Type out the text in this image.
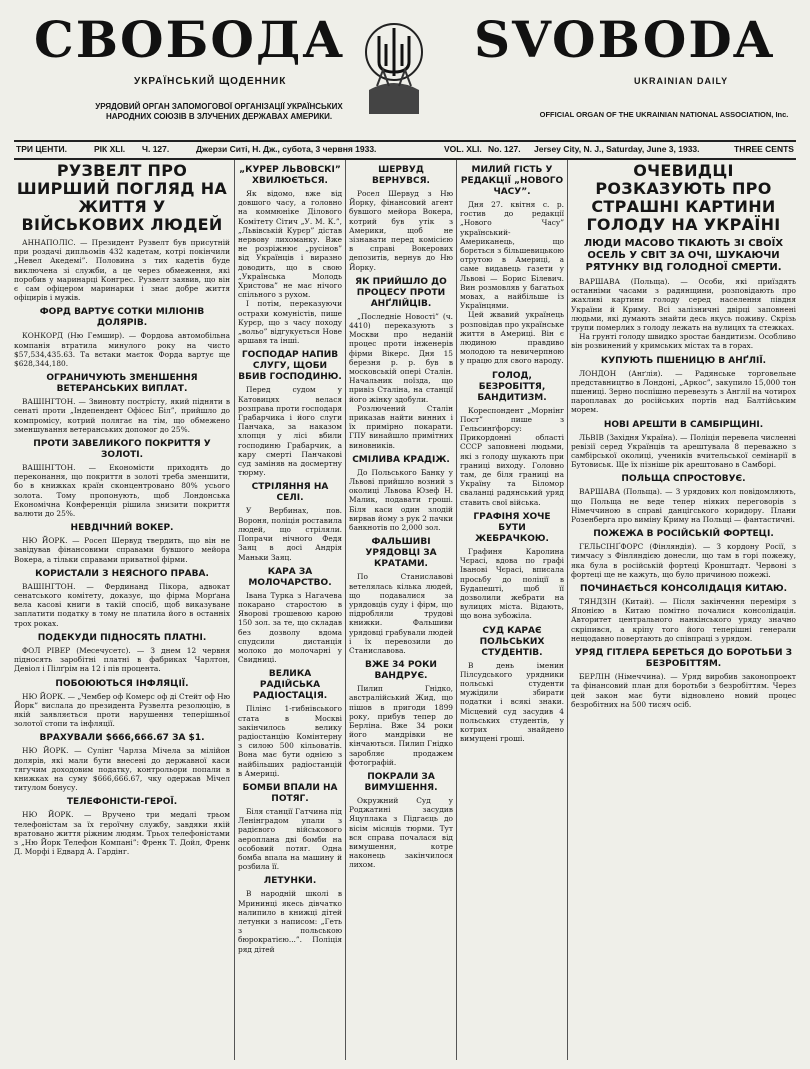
СВОБОДА	SVOBODA
УКРАЇНСЬКИЙ ЩОДЕННИК	UKRAINIAN DAILY
УРЯДОВИЙ ОРГАН ЗАПОМОГОВОЇ ОРГАНІЗАЦІЇ УКРАЇНСЬКИХ НАРОДНИХ СОЮЗІВ В ЗЛУЧЕНИХ ДЕРЖАВАХ АМЕРИКИ.	OFFICIAL ORGAN OF THE UKRAINIAN NATIONAL ASSOCIATION, Inc.
ТРИ ЦЕНТИ.	РІК XLI. Ч. 127.	Джерзи Ситі, Н. Дж., субота, 3 червня 1933.	VOL. XLI. No. 127. Jersey City, N. J., Saturday, June 3, 1933.	THREE CENTS
РУЗВЕЛТ ПРО ШИРШИЙ ПОГЛЯД НА ЖИТТЯ У ВІЙСЬКОВИХ ЛЮДЕЙ

АННАПОЛІС. — Президент Рузвелт був присутній при роздачі дипльомів 432 кадетам, котрі покінчили „Невел Акедемі”. Половина з тих кадетів буде виключена зі служби, а це через обмеження, які поробив у маринарці Конгрес. Рузвелт заявив, що він є сам офіцером маринарки і знає добре життя офіцирів і мужів.

ФОРД ВАРТУЄ СОТКИ МІЛІОНІВ ДОЛЯРІВ.

КОНКОРД (Ню Гемшир). — Фордова автомобільна компанія втратила минулого року на чисто $57,534,435.63. Та вєтаки маєток Форда вартує ще $628,344,180.

ОГРАНИЧУЮТЬ ЗМЕНШЕННЯ ВЕТЕРАНСЬКИХ ВИПЛАТ.

ВАШІНГТОН. — Звиновту пострісту, який підняти в сенаті проти „Індепендент Офісес Біл”, прийшло до компромісу, котрий полягає на тім, що обмежено зменшування ветеранських допомог до 25%.

ПРОТИ ЗАВЕЛИКОГО ПОКРИТТЯ У ЗОЛОТІ.

ВАШІНГТОН. — Економісти приходять до переконання, що покриття в золоті треба зменшити, бо в книжках країн сконцентровано 80% усього золота. Тому пропонують, щоб Лондонська Економічна Конференція рішила знизити покриття валюти до 25%.

НЕВДІЧНИЙ ВОКЕР.

НЮ ЙОРК. — Росел Шервуд твердить, що він не завідував фінансовими справами бувшого мейора Вокера, а тільки справами приватної фірми.

КОРИСТАЛИ З НЕЯСНОГО ПРАВА.

ВАШІНГТОН. — Фердинанд Пікора, адвокат сенатського комітету, доказує, що фірма Морґана вела касові книги в такій спосіб, щоб виказуване заплатити податку в тому не платила його в останніх трох роках.

ПОДЕКУДИ ПІДНОСЯТЬ ПЛАТНІ.

ФОЛ РІВЕР (Месечусетс). — З днем 12 червня підносять заробітні платні в фабриках Чарлтон, Девіол і Пілґрім на 12 і пів процента.

ПОБОЮЮТЬСЯ ІНФЛЯЦІЇ.

НЮ ЙОРК. — „Чембер оф Комерс оф ді Стейт оф Ню Йорк” вислала до президента Рузвелта резолюцію, в якій заявляється проти нарушення теперішньої золотої стопи та інфляції.

ВРАХУВАЛИ $666,666.67 ЗА $1.

НЮ ЙОРК. — Сулінг Чарлза Мічела за мілійон долярів, які мали бути внесені до державної каси тягучим доходовим податку, контрольори попали в книжках на суму $666,666.67, чку одержав Мічел титулом бонусу.

ТЕЛЕФОНІСТИ-ГЕРОЇ.

НЮ ЙОРК. — Вручено три медалі трьом телефоністам за їх героїчну службу, завдяки якій вратовано життя ріжним людям. Трьох телефоністами з „Ню Йорк Телефон Компані”: Френк Т. Дойл, Френк Д. Морфі і Едвард А. Гардінг.

„КУРЕР ЛЬВОВСКІ” ХВИЛЮЄТЬСЯ.

Як відомо, вже від довшого часу, а головно на коммюніке Ділового Комітету Сітич „У. М. К.”, „Львівській Курєр” дістав нервову лихоманку. Вже не розріжнює „русінов” від Українців і виразно доводить, що в свою „Українська Молодь Христова” не має нічого спільного з рухом.

І потім, переказуючи острахи комуністів, пише Курєр, що з часу походу „вольо” відгукується Нове аршавя та інші.

ГОСПОДАР НАПИВ СЛУГУ, ЩОБИ ВБИВ ГОСПОДИНЮ.

Перед судом у Катовицях велася розправа проти господаря Грабарчика і його слуги Панчака, за наказом хлопця у лісі вбили господиню Грабарчик, а кару смерті Панчакові суд заміняв на досмертну тюрму.

СТРІЛЯННЯ НА СЕЛІ.

У Вербинах, пов. Вороня, поліція роставила людей, що стріляли. Попрачи нічного Федя Заяц в досі Андрія Маньки Заяц.

КАРА ЗА МОЛОЧАРСТВО.

Івана Турка з Нагачева покарано старостою в Яворові грошевою карою 150 зол. за те, що складав без дозволу вдома спудсили дистанція молоко до молочарні у Свидниці.

ВЕЛИКА РАДІЙСЬКА РАДІОСТАЦІЯ.

Пілінс 1-гибнівського стата в Москві закінчилось велику радіостанцію Комінтерну з силою 500 кільоватів. Вона має бути однією з найбільших радіостанцій в Америці.

БОМБИ ВПАЛИ НА ПОТЯГ.

Біля станції Гатчина під Ленінградом упали з радієвого військового аероплана дві бомби на особовий потяг. Одна бомба впала на машину й розбила її.

ЛЕТУНКИ.

В народній школі в Мрининці якесь дівчатко налипило в книжці дітей летунки з написом: „Геть з польською бюрократією...”. Поліція ряд дітей

ШЕРВУД ВЕРНУВСЯ.

Росел Шервуд з Ню Йорку, фінансовий агент бувшого мейора Вокера, котрий був утік з Америки, щоб не зізнавати перед комісією в справі Вокерових депозитів, вернув до Ню Йорку.

ЯК ПРИЙШЛО ДО ПРОЦЕСУ ПРОТИ АНҐЛІЙЦІВ.

„Последніе Новості” (ч. 4410) переказують з Москви про неданій процес проти інженерів фірми Вікерс. Дня 15 березня р. р. був в московській опері Сталін. Начальник поїзда, що привіз Сталіна, на станції його жінку здобули.

Розлючений Сталін приказав найти винних і їх примірно покарати. ГПУ винайшло примітних виновників.

СМІЛИВА КРАДІЖ.

До Польського Банку у Львові прийшло возний з околиці Львова Юзеф Н. Малик, подавати гроші. Біля каси один злодій вирвав йому з рук 2 пачки банкнотів по 2,000 зол.

ФАЛЬШИВІ УРЯДОВЦІ ЗА КРАТАМИ.

По Станиславові ветелялась кілька людей, що подавалися за урядовців суду і фірм, що підробляли трудові книжки. Фальшиви урядовці грабували людей і їх перевозили до Станиславова.

ВЖЕ 34 РОКИ ВАНДРУЄ.

Пилип Гнідко, австралійський Жид, що пішов в пригоди 1899 року, прибув тепер до Берліна. Вже 34 роки його мандрівки не кінчаються. Пилип Гнідко заробляє продажем фотографій.

ПОКРАЛИ ЗА ВИМУШЕННЯ.

Окружний Суд у Роджатині засудив Яцуплака з Підгаєць до вісім місяців тюрми. Тут вся справа почалася від вимушення, котре наконець закінчилося лихом.

МИЛИЙ ГІСТЬ У РЕДАКЦІЇ „НОВОГО ЧАСУ”.

Дня 27. квітня с. р. гостив до редакції „Нового Часу” український-Американець, що борється з більшевицькою отрутою в Америці, а саме видавець газети у Львові — Борис Білевич. Вин розмовляв у багатьох мовах, а найбільше із Українцями.

Цей жвавий українець розповідав про українське життя в Америці. Він є людиною правдиво молодою та невичерпною у працю для свого народу.

ГОЛОД, БЕЗРОБІТТЯ, БАНДИТИЗМ.

Кореспондент „Морнінг Пост” пише з Гельсинґфорсу: Прикордонні області СССР заповнені людьми, які з голоду шукають при границі виходу. Головно там, де біля границі на Україну та Біломор сваланці радянський уряд ставить свої війська.

ГРАФІНЯ ХОЧЕ БУТИ ЖЕБРАЧКОЮ.

Графиня Каролина Чєрасі, вдова по графі Іванові Чєрасі, вписала просьбу до поліції в Будапешті, щоб її дозволили жебрати на вулицях міста. Відають, що вона зубожіла.

СУД КАРАЄ ПОЛЬСЬКИХ СТУДЕНТІВ.

В день іменин Пілсудського урядники польські студенти мужідили збирати податки і всякі знаки. Місцевий суд засудив 4 польських студентів, у котрих знайдено вимущені гроші.

ОЧЕВИДЦІ РОЗКАЗУЮТЬ ПРО СТРАШНІ КАРТИНИ ГОЛОДУ НА УКРАЇНІ
ЛЮДИ МАСОВО ТІКАЮТЬ ЗІ СВОЇХ ОСЕЛЬ У СВІТ ЗА ОЧІ, ШУКАЮЧИ РЯТУНКУ ВІД ГОЛОДНОЇ СМЕРТИ.

ВАРШАВА (Польща). — Особи, які приїздять останніми часами з радянщини, розповідають про жахливі картини голоду серед населення півдня України й Криму. Всі залізничні двірці заповнені людьми, які думають знайти десь якусь поживу. Скрізь трупи померлих з голоду лежать на вулицях та стежках.

На грунті голоду швидко зростає бандитизм. Особливо він розвинений у кримських містах та в горах.

КУПУЮТЬ ПШЕНИЦЮ В АНҐЛІЇ.

ЛОНДОН (Анґлія). — Радянське торговельне представництво в Лондоні, „Аркос”, закупило 15,000 тон пшениці. Зерно поспішно перевезуть з Англії на чотирох пароплавах до російських портів над Балтійським морем.

НОВІ АРЕШТИ В САМБІРЩИНІ.

ЛЬВІВ (Західня Україна). — Поліція перевела численні ревізії серед Українців та арештувала 8 переважно з самбірської околиці, учеників вчительської семінарії в Бутовиськ. Ще їх пізніше рік арештовано в Самборі.

ПОЛЬЩА СПРОСТОВУЄ.

ВАРШАВА (Польща). — З урядових кол повідомляють, що Польща не веде тепер ніяких переговорів з Німеччиною в справі данцігського коридору. Плани Розенберга про виміну Криму на Польщі — фантастичні.

ПОЖЕЖА В РОСІЙСЬКІЙ ФОРТЕЦІ.

ГЕЛЬСІНҐФОРС (Фінляндія). — З кордону Росії, з тимчасу з Фінляндією донесли, що там в горі пожежу, яка була в російській фортеці Кронштадт. Червоні з фортеці ще не кажуть, що було причиною пожежі.

ПОЧИНАЄТЬСЯ КОНСОЛІДАЦІЯ КИТАЮ.

ТЯНДЗІН (Китай). — Після закінчення переміря з Японією в Китаю помітно почалися консолідація. Авторитет центрального нанкінського уряду значно скріпився, а кріпу того його теперішні генерали нещодавно повертають до співпраці з урядом.

УРЯД ГІТЛЕРА БЕРЕТЬСЯ ДО БОРОТЬБИ З БЕЗРОБІТТЯМ.

БЕРЛІН (Німеччина). — Уряд виробив законопроект та фінансовий план для боротьби з безробіттям. Через цей закон має бути відновлено новий процес безробітних на 500 тисяч осіб.
